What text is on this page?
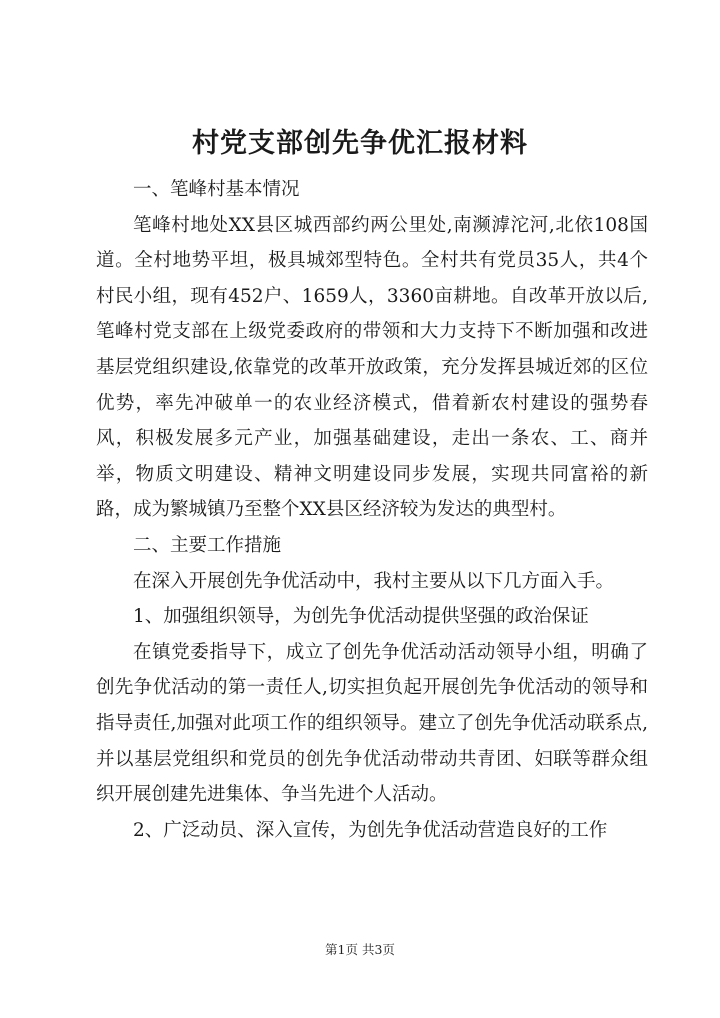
村党支部创先争优汇报材料

一、笔峰村基本情况

笔峰村地处XX县区城西部约两公里处,南濒滹沱河,北依108国道。全村地势平坦，极具城郊型特色。全村共有党员35人，共4个村民小组，现有452户、1659人，3360亩耕地。自改革开放以后,笔峰村党支部在上级党委政府的带领和大力支持下不断加强和改进基层党组织建设,依靠党的改革开放政策，充分发挥县城近郊的区位优势，率先冲破单一的农业经济模式，借着新农村建设的强势春风，积极发展多元产业，加强基础建设，走出一条农、工、商并举，物质文明建设、精神文明建设同步发展，实现共同富裕的新路，成为繁城镇乃至整个XX县区经济较为发达的典型村。

二、主要工作措施

在深入开展创先争优活动中，我村主要从以下几方面入手。

1、加强组织领导，为创先争优活动提供坚强的政治保证

在镇党委指导下，成立了创先争优活动活动领导小组，明确了创先争优活动的第一责任人,切实担负起开展创先争优活动的领导和指导责任,加强对此项工作的组织领导。建立了创先争优活动联系点,并以基层党组织和党员的创先争优活动带动共青团、妇联等群众组织开展创建先进集体、争当先进个人活动。

2、广泛动员、深入宣传，为创先争优活动营造良好的工作

第1页 共3页
